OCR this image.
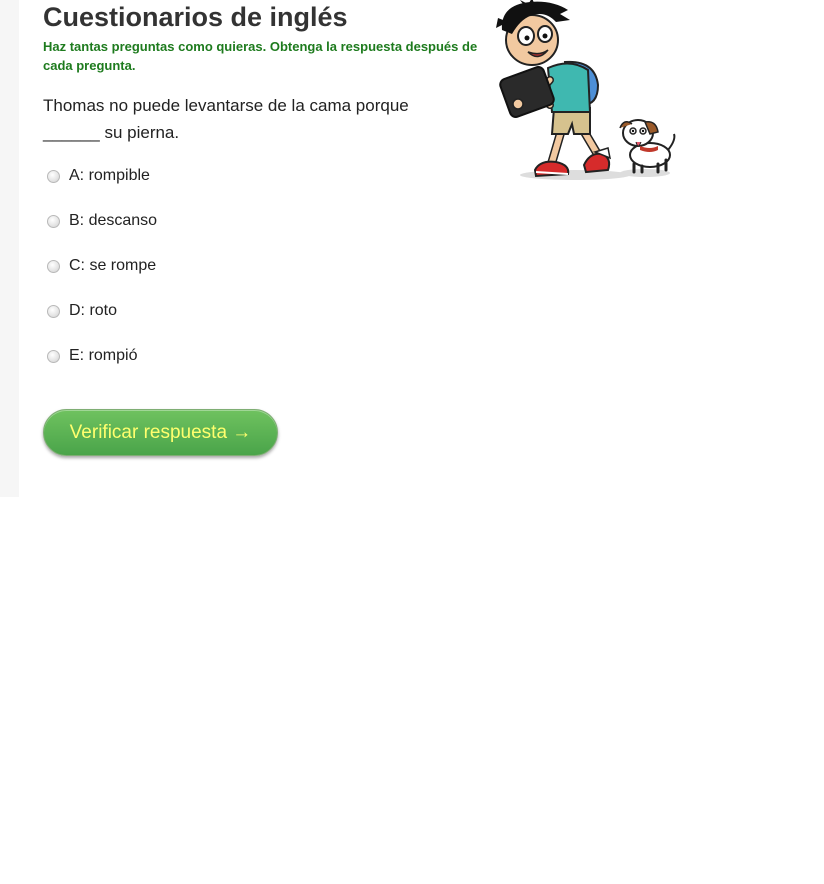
Cuestionarios de inglés

Haz tantas preguntas como quieras. Obtenga la respuesta después de cada pregunta.

Thomas no puede levantarse de la cama porque ______ su pierna.

A: rompible
B: descanso
C: se rompe
D: roto
E: rompió
Verificar respuesta →
